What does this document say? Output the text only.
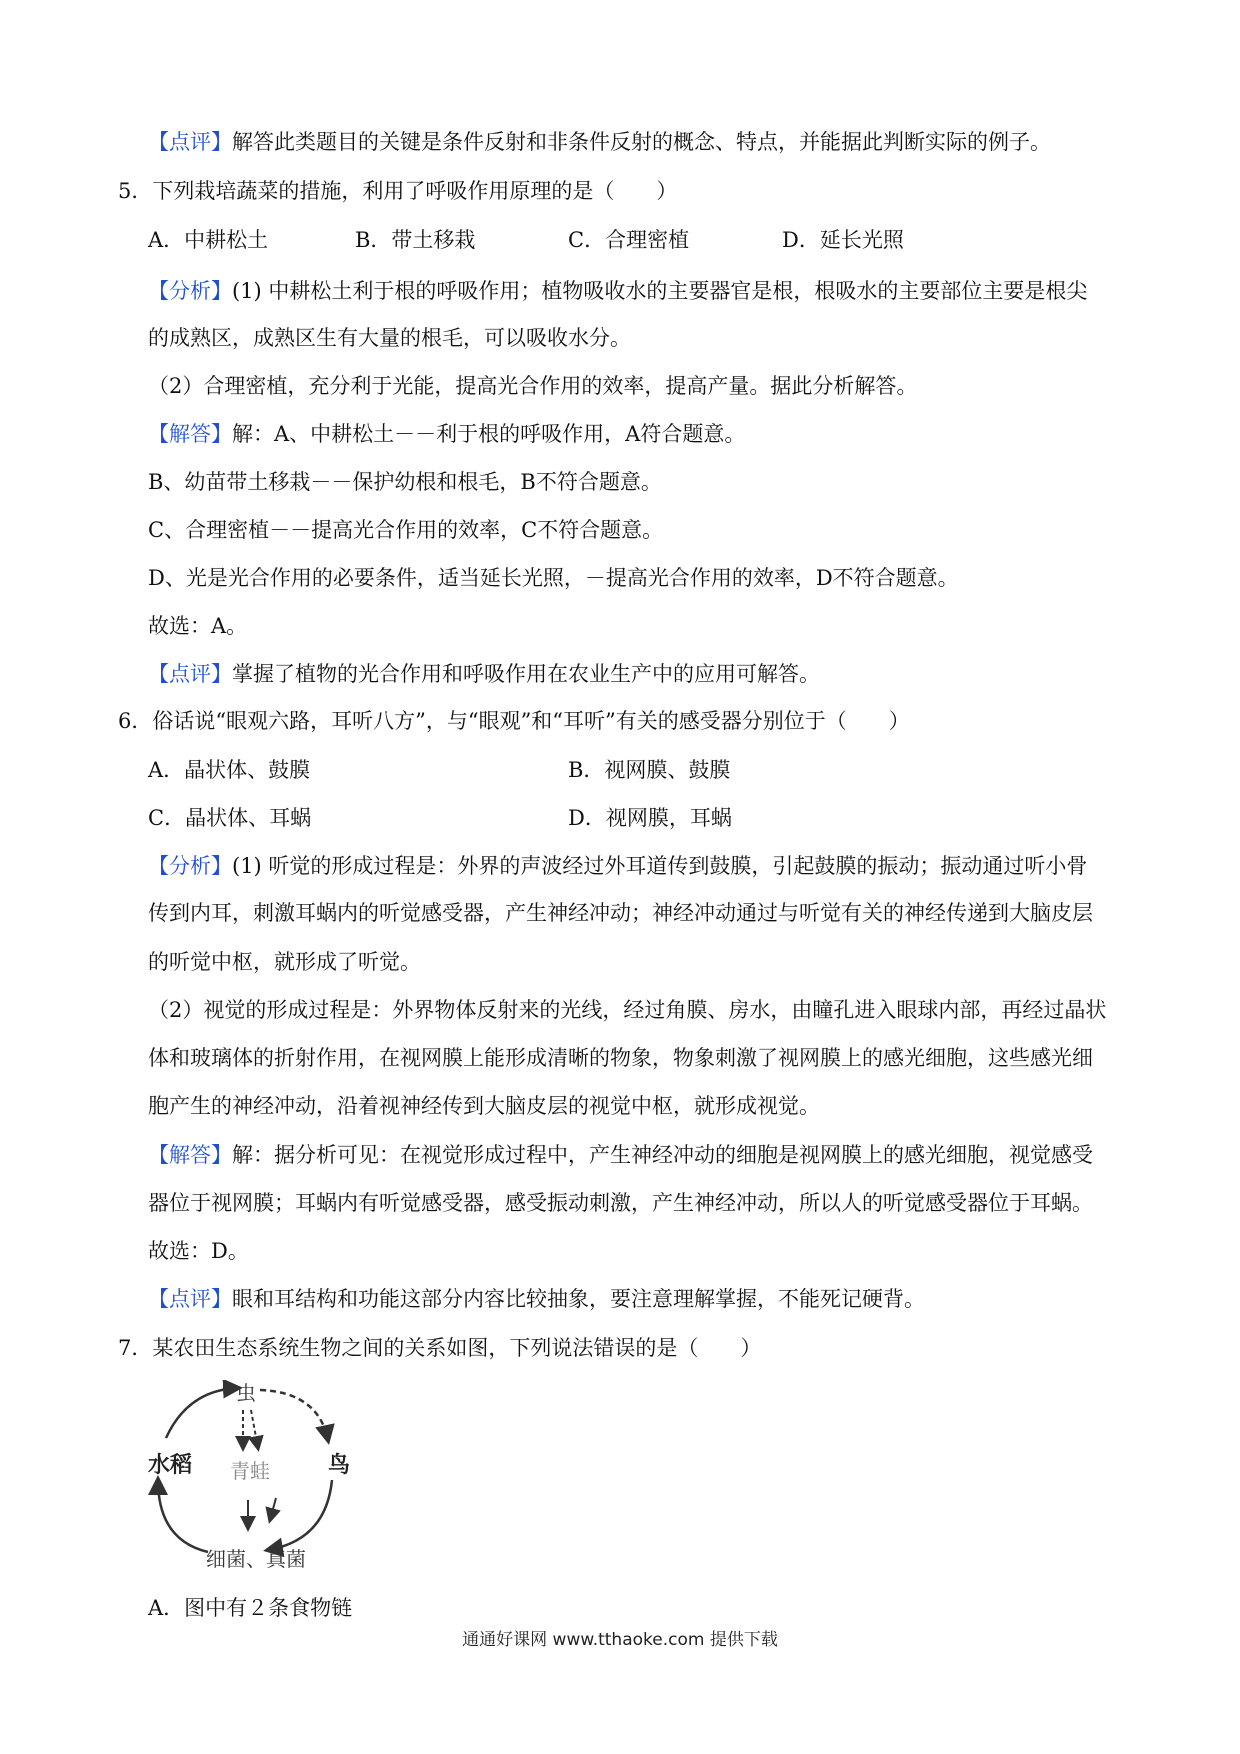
【点评】解答此类题目的关键是条件反射和非条件反射的概念、特点，并能据此判断实际的例子。
5．下列栽培蔬菜的措施，利用了呼吸作用原理的是（　　）
A．中耕松土	B．带土移栽	C．合理密植	D．延长光照
【分析】(1) 中耕松土利于根的呼吸作用；植物吸收水的主要器官是根，根吸水的主要部位主要是根尖
的成熟区，成熟区生有大量的根毛，可以吸收水分。
（2）合理密植，充分利于光能，提高光合作用的效率，提高产量。据此分析解答。
【解答】解：A、中耕松土－－利于根的呼吸作用，A符合题意。
B、幼苗带土移栽－－保护幼根和根毛，B不符合题意。
C、合理密植－－提高光合作用的效率，C不符合题意。
D、光是光合作用的必要条件，适当延长光照，－提高光合作用的效率，D不符合题意。
故选：A。
【点评】掌握了植物的光合作用和呼吸作用在农业生产中的应用可解答。
6．俗话说“眼观六路，耳听八方”，与“眼观”和“耳听”有关的感受器分别位于（　　）
A．晶状体、鼓膜	B．视网膜、鼓膜
C．晶状体、耳蜗	D．视网膜，耳蜗
【分析】(1) 听觉的形成过程是：外界的声波经过外耳道传到鼓膜，引起鼓膜的振动；振动通过听小骨
传到内耳，刺激耳蜗内的听觉感受器，产生神经冲动；神经冲动通过与听觉有关的神经传递到大脑皮层
的听觉中枢，就形成了听觉。
（2）视觉的形成过程是：外界物体反射来的光线，经过角膜、房水，由瞳孔进入眼球内部，再经过晶状
体和玻璃体的折射作用，在视网膜上能形成清晰的物象，物象刺激了视网膜上的感光细胞，这些感光细
胞产生的神经冲动，沿着视神经传到大脑皮层的视觉中枢，就形成视觉。
【解答】解：据分析可见：在视觉形成过程中，产生神经冲动的细胞是视网膜上的感光细胞，视觉感受
器位于视网膜；耳蜗内有听觉感受器，感受振动刺激，产生神经冲动，所以人的听觉感受器位于耳蜗。
故选：D。
【点评】眼和耳结构和功能这部分内容比较抽象，要注意理解掌握，不能死记硬背。
7．某农田生态系统生物之间的关系如图，下列说法错误的是（　　）
虫
水稻 青蛙	鸟
细菌、真菌
A．图中有２条食物链
通通好课网 www.tthaoke.com 提供下载
